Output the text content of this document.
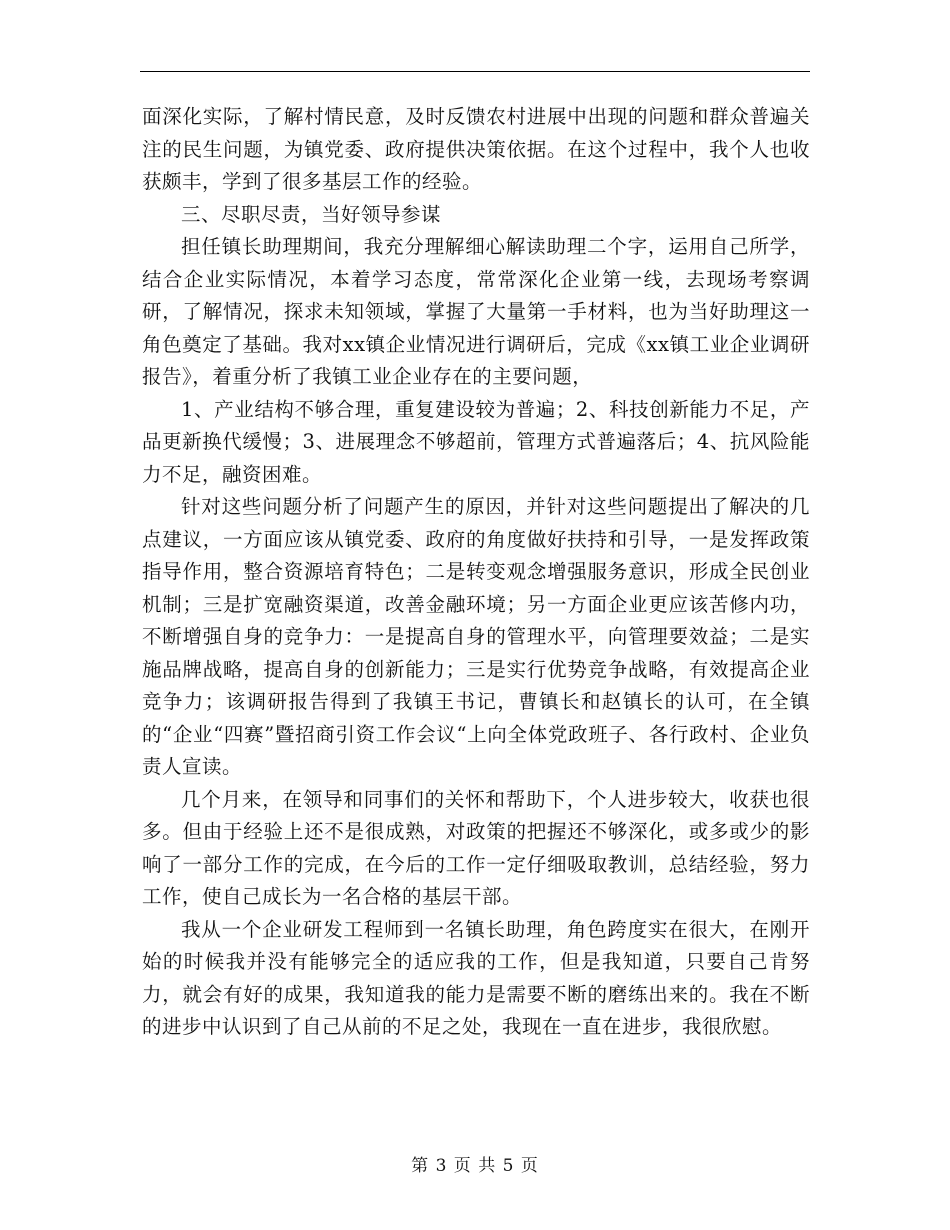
面深化实际，了解村情民意，及时反馈农村进展中出现的问题和群众普遍关注的民生问题，为镇党委、政府提供决策依据。在这个过程中，我个人也收获颇丰，学到了很多基层工作的经验。

三、尽职尽责，当好领导参谋

担任镇长助理期间，我充分理解细心解读助理二个字，运用自己所学，结合企业实际情况，本着学习态度，常常深化企业第一线，去现场考察调研，了解情况，探求未知领域，掌握了大量第一手材料，也为当好助理这一角色奠定了基础。我对xx镇企业情况进行调研后，完成《xx镇工业企业调研报告》，着重分析了我镇工业企业存在的主要问题，

1、产业结构不够合理，重复建设较为普遍；2、科技创新能力不足，产品更新换代缓慢；3、进展理念不够超前，管理方式普遍落后；4、抗风险能力不足，融资困难。

针对这些问题分析了问题产生的原因，并针对这些问题提出了解决的几点建议，一方面应该从镇党委、政府的角度做好扶持和引导，一是发挥政策指导作用，整合资源培育特色；二是转变观念增强服务意识，形成全民创业机制；三是扩宽融资渠道，改善金融环境；另一方面企业更应该苦修内功，不断增强自身的竞争力：一是提高自身的管理水平，向管理要效益；二是实施品牌战略，提高自身的创新能力；三是实行优势竞争战略，有效提高企业竞争力；该调研报告得到了我镇王书记，曹镇长和赵镇长的认可，在全镇的“企业“四赛”暨招商引资工作会议“上向全体党政班子、各行政村、企业负责人宣读。

几个月来，在领导和同事们的关怀和帮助下，个人进步较大，收获也很多。但由于经验上还不是很成熟，对政策的把握还不够深化，或多或少的影响了一部分工作的完成，在今后的工作一定仔细吸取教训，总结经验，努力工作，使自己成长为一名合格的基层干部。

我从一个企业研发工程师到一名镇长助理，角色跨度实在很大，在刚开始的时候我并没有能够完全的适应我的工作，但是我知道，只要自己肯努力，就会有好的成果，我知道我的能力是需要不断的磨练出来的。我在不断的进步中认识到了自己从前的不足之处，我现在一直在进步，我很欣慰。

第 3 页 共 5 页
